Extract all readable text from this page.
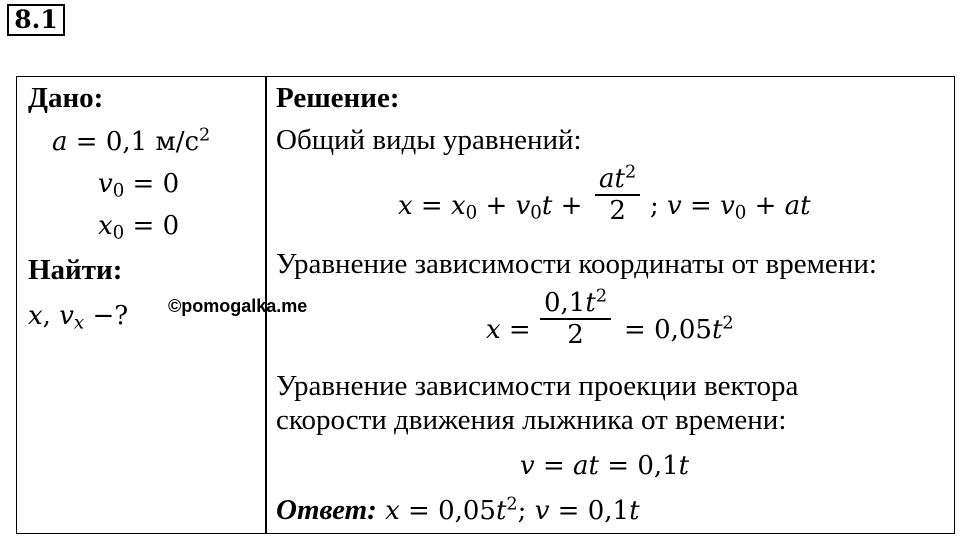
8.1
Дано:
a = 0,1 $м/с^2$
$v_0 = 0$
$x_0 = 0$
Найти:
x, $v_x$ −? ©pomogalka.me
Решение:
Общий виды уравнений:
$x = x_0 + v_0t$ +
$at^2$
2 ; $v = v_0$ + at
Уравнение зависимости координаты от времени:
x =
$0,1t^2$
$2 = 0,05t^2$
Уравнение зависимости проекции вектора
скорости движения лыжника от времени:
v = at = 0,1t
Ответ: $x = 0,05t^2$; v = 0,1t
